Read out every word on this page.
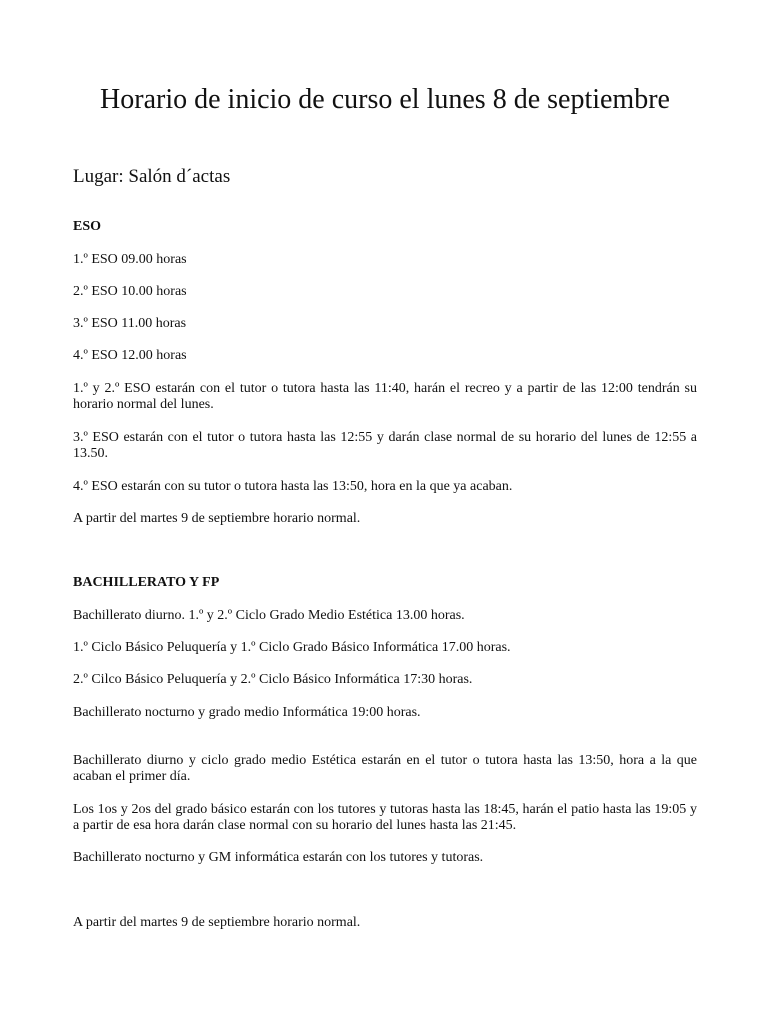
Horario de inicio de curso el lunes 8 de septiembre

Lugar: Salón d´actas

ESO

1.º ESO 09.00 horas

2.º ESO 10.00 horas

3.º ESO 11.00 horas

4.º ESO 12.00 horas

1.º y 2.º ESO estarán con el tutor o tutora hasta las 11:40, harán el recreo y a partir de las 12:00 tendrán su horario normal del lunes.

3.º ESO estarán con el tutor o tutora hasta las 12:55 y darán clase normal de su horario del lunes de 12:55 a 13.50.

4.º ESO estarán con su tutor o tutora hasta las 13:50, hora en la que ya acaban.

A partir del martes 9 de septiembre horario normal.

BACHILLERATO Y FP

Bachillerato diurno. 1.º y 2.º Ciclo Grado Medio Estética 13.00 horas.

1.º Ciclo Básico Peluquería y 1.º Ciclo Grado Básico Informática 17.00 horas.

2.º Cilco Básico Peluquería y 2.º Ciclo Básico Informática 17:30 horas.

Bachillerato nocturno y grado medio Informática 19:00 horas.

Bachillerato diurno y ciclo grado medio Estética estarán en el tutor o tutora hasta las 13:50, hora a la que acaban el primer día.

Los 1os y 2os del grado básico estarán con los tutores y tutoras hasta las 18:45, harán el patio hasta las 19:05 y a partir de esa hora darán clase normal con su horario del lunes hasta las 21:45.

Bachillerato nocturno y GM informática estarán con los tutores y tutoras.

A partir del martes 9 de septiembre horario normal.
